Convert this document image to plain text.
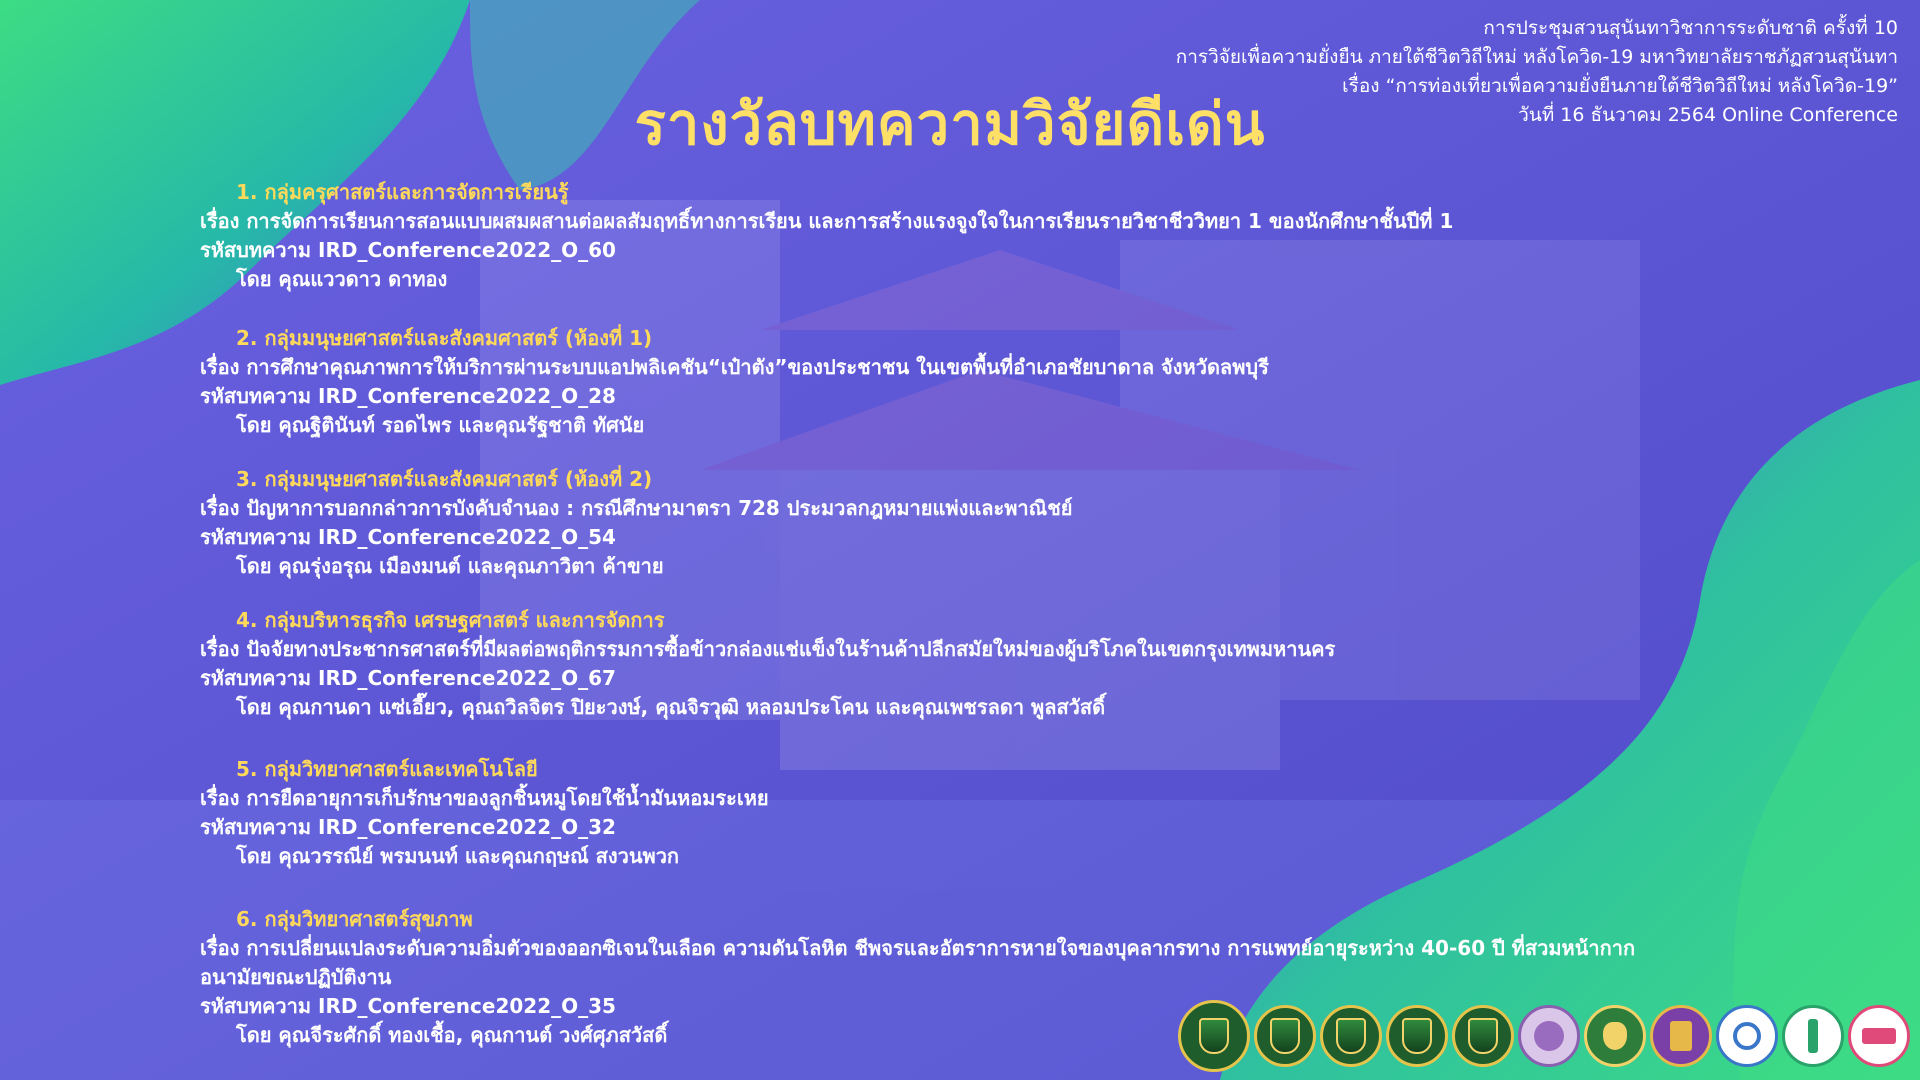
การประชุมสวนสุนันทาวิชาการระดับชาติ ครั้งที่ 10
การวิจัยเพื่อความยั่งยืน ภายใต้ชีวิตวิถีใหม่ หลังโควิด-19 มหาวิทยาลัยราชภัฏสวนสุนันทา
เรื่อง “การท่องเที่ยวเพื่อความยั่งยืนภายใต้ชีวิตวิถีใหม่ หลังโควิด-19”
วันที่ 16 ธันวาคม 2564 Online Conference
รางวัลบทความวิจัยดีเด่น
1. กลุ่มครุศาสตร์และการจัดการเรียนรู้
เรื่อง การจัดการเรียนการสอนแบบผสมผสานต่อผลสัมฤทธิ์ทางการเรียน และการสร้างแรงจูงใจในการเรียนรายวิชาชีววิทยา 1 ของนักศึกษาชั้นปีที่ 1
รหัสบทความ IRD_Conference2022_O_60
โดย คุณแววดาว ดาทอง
2. กลุ่มมนุษยศาสตร์และสังคมศาสตร์ (ห้องที่ 1)
เรื่อง การศึกษาคุณภาพการให้บริการผ่านระบบแอปพลิเคชัน“เป๋าตัง”ของประชาชน ในเขตพื้นที่อำเภอชัยบาดาล จังหวัดลพบุรี
รหัสบทความ IRD_Conference2022_O_28
โดย คุณฐิตินันท์ รอดไพร และคุณรัฐชาติ ทัศนัย
3. กลุ่มมนุษยศาสตร์และสังคมศาสตร์ (ห้องที่ 2)
เรื่อง ปัญหาการบอกกล่าวการบังคับจำนอง : กรณีศึกษามาตรา 728 ประมวลกฎหมายแพ่งและพาณิชย์
รหัสบทความ IRD_Conference2022_O_54
โดย คุณรุ่งอรุณ เมืองมนต์ และคุณภาวิตา ค้าขาย
4. กลุ่มบริหารธุรกิจ เศรษฐศาสตร์ และการจัดการ
เรื่อง ปัจจัยทางประชากรศาสตร์ที่มีผลต่อพฤติกรรมการซื้อข้าวกล่องแช่แข็งในร้านค้าปลีกสมัยใหม่ของผู้บริโภคในเขตกรุงเทพมหานคร
รหัสบทความ IRD_Conference2022_O_67
โดย คุณกานดา แซ่เอี๊ยว, คุณถวิลจิตร ปิยะวงษ์, คุณจิรวุฒิ หลอมประโคน และคุณเพชรลดา พูลสวัสดิ์
5. กลุ่มวิทยาศาสตร์และเทคโนโลยี
เรื่อง การยืดอายุการเก็บรักษาของลูกชิ้นหมูโดยใช้น้ำมันหอมระเหย
รหัสบทความ IRD_Conference2022_O_32
โดย คุณวรรณีย์ พรมนนท์ และคุณกฤษณ์ สงวนพวก
6. กลุ่มวิทยาศาสตร์สุขภาพ
เรื่อง การเปลี่ยนแปลงระดับความอิ่มตัวของออกซิเจนในเลือด ความดันโลหิต ชีพจรและอัตราการหายใจของบุคลากรทาง การแพทย์อายุระหว่าง 40-60 ปี ที่สวมหน้ากากอนามัยขณะปฏิบัติงาน
รหัสบทความ IRD_Conference2022_O_35
โดย คุณจีระศักดิ์ ทองเชื้อ, คุณกานต์ วงศ์ศุภสวัสดิ์
